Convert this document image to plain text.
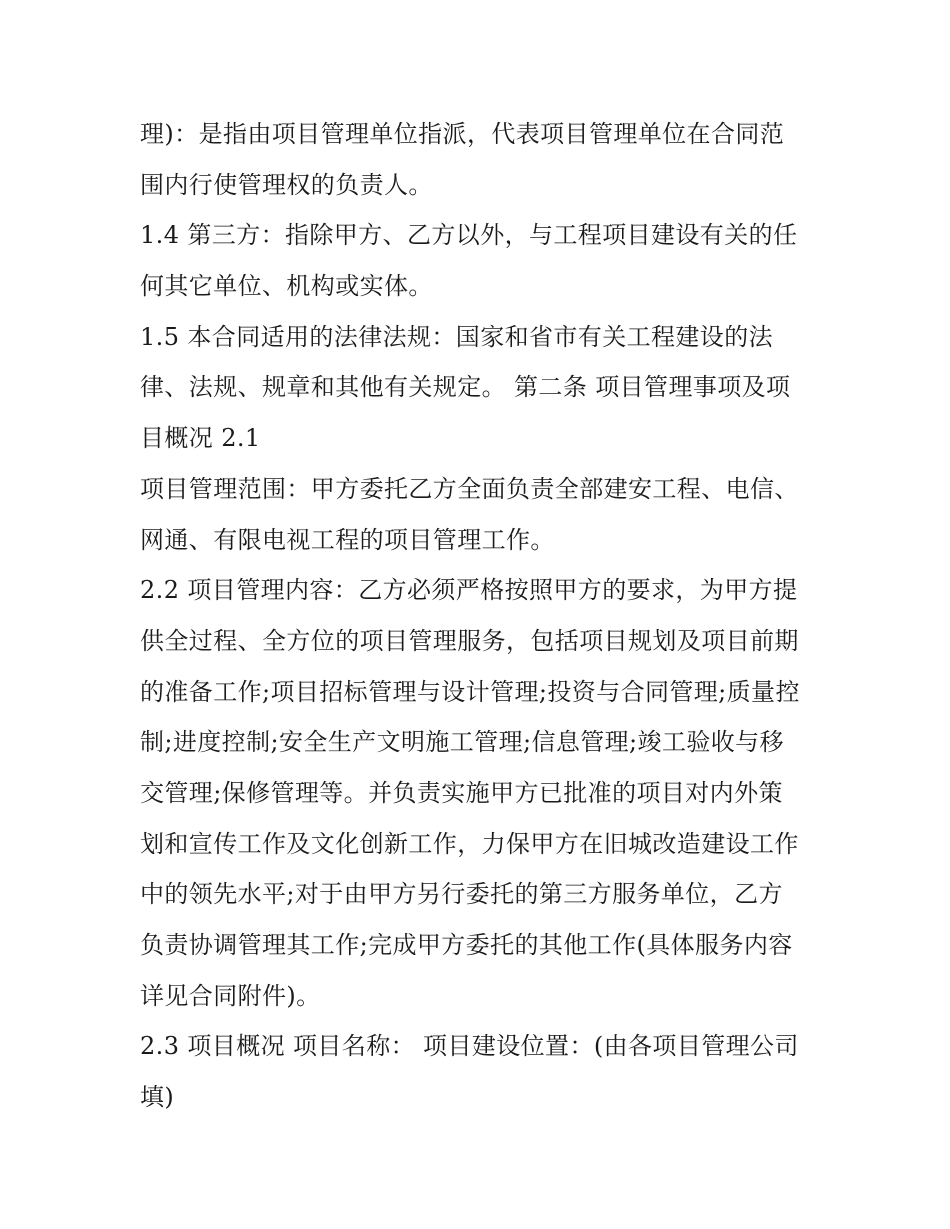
理)：是指由项目管理单位指派，代表项目管理单位在合同范
围内行使管理权的负责人。
1.4 第三方：指除甲方、乙方以外，与工程项目建设有关的任
何其它单位、机构或实体。
1.5 本合同适用的法律法规：国家和省市有关工程建设的法
律、法规、规章和其他有关规定。 第二条 项目管理事项及项
目概况 2.1
项目管理范围：甲方委托乙方全面负责全部建安工程、电信、
网通、有限电视工程的项目管理工作。
2.2 项目管理内容：乙方必须严格按照甲方的要求，为甲方提
供全过程、全方位的项目管理服务，包括项目规划及项目前期
的准备工作;项目招标管理与设计管理;投资与合同管理;质量控
制;进度控制;安全生产文明施工管理;信息管理;竣工验收与移
交管理;保修管理等。并负责实施甲方已批准的项目对内外策
划和宣传工作及文化创新工作，力保甲方在旧城改造建设工作
中的领先水平;对于由甲方另行委托的第三方服务单位，乙方
负责协调管理其工作;完成甲方委托的其他工作(具体服务内容
详见合同附件)。
2.3 项目概况 项目名称： 项目建设位置：(由各项目管理公司
填)
